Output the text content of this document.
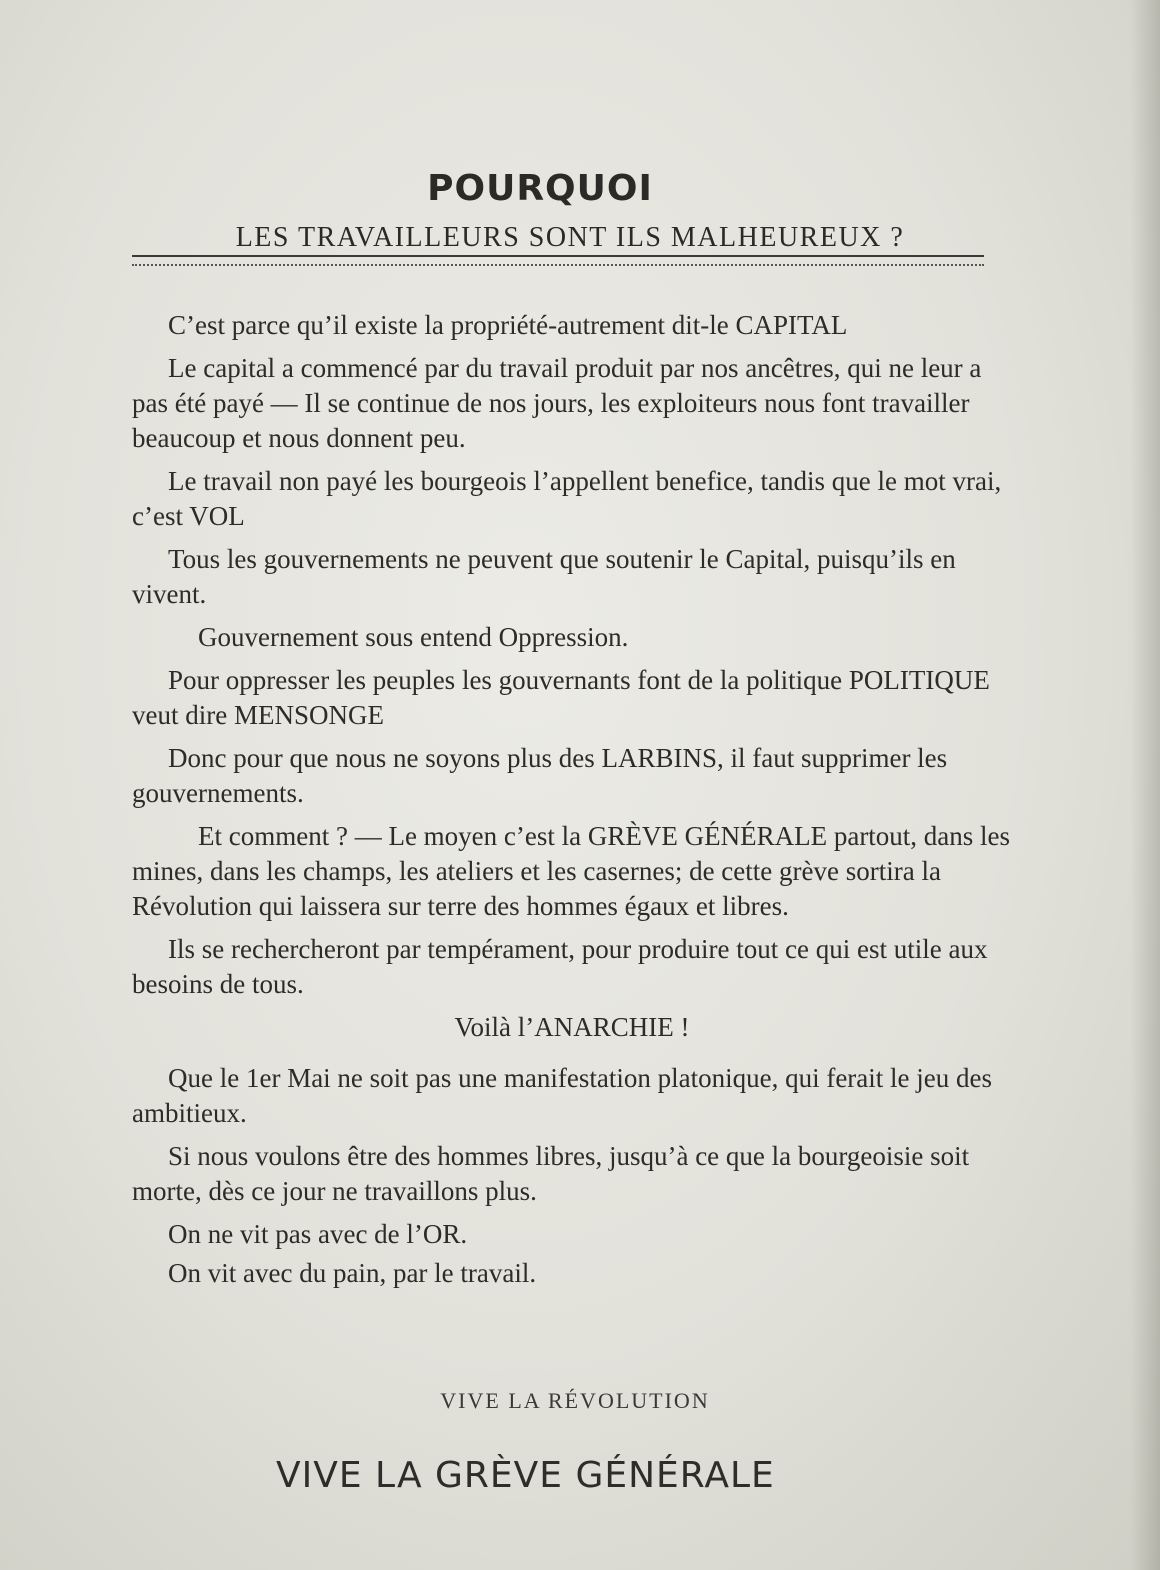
POURQUOI
LES TRAVAILLEURS SONT ILS MALHEUREUX ?

C’est parce qu’il existe la propriété-autrement dit-le CAPITAL

Le capital a commencé par du travail produit par nos ancêtres, qui ne leur a pas été payé — Il se continue de nos jours, les exploiteurs nous font travailler beaucoup et nous donnent peu.

Le travail non payé les bourgeois l’appellent benefice, tandis que le mot vrai, c’est VOL

Tous les gouvernements ne peuvent que soutenir le Capital, puisqu’ils en vivent.

Gouvernement sous entend Oppression.

Pour oppresser les peuples les gouvernants font de la politique POLITIQUE veut dire MENSONGE

Donc pour que nous ne soyons plus des LARBINS, il faut supprimer les gouvernements.

Et comment ? — Le moyen c’est la GRÈVE GÉNÉRALE partout, dans les mines, dans les champs, les ateliers et les casernes; de cette grève sortira la Révolution qui laissera sur terre des hommes égaux et libres.

Ils se rechercheront par tempérament, pour produire tout ce qui est utile aux besoins de tous.

Voilà l’ANARCHIE !

Que le 1er Mai ne soit pas une manifestation platonique, qui ferait le jeu des ambitieux.

Si nous voulons être des hommes libres, jusqu’à ce que la bourgeoisie soit morte, dès ce jour ne travaillons plus.

On ne vit pas avec de l’OR.

On vit avec du pain, par le travail.

VIVE LA RÉVOLUTION
VIVE LA GRÈVE GÉNÉRALE
